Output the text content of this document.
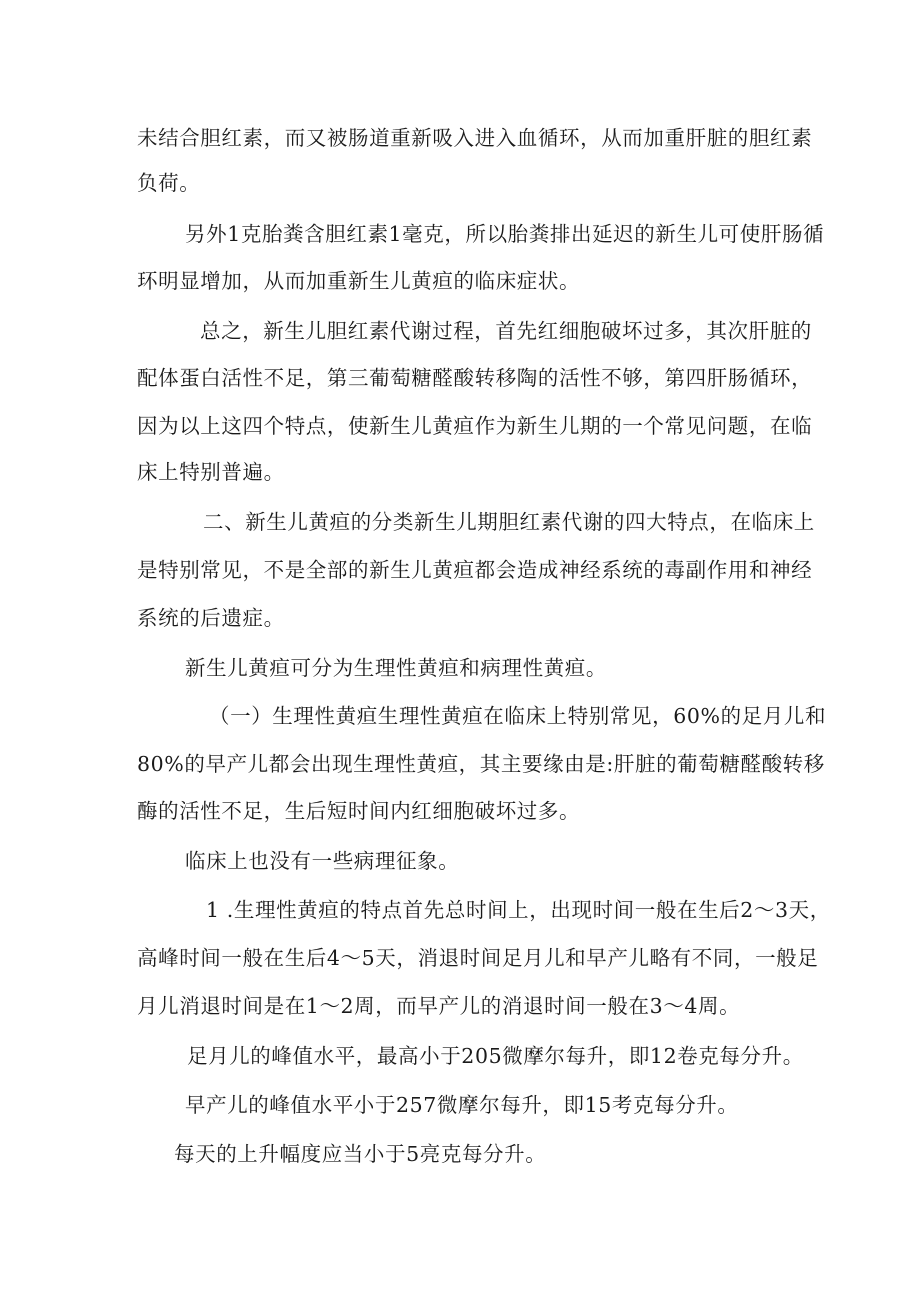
未结合胆红素，而又被肠道重新吸入进入血循环，从而加重肝脏的胆红素
负荷。
另外1克胎粪含胆红素1毫克，所以胎粪排出延迟的新生儿可使肝肠循
环明显增加，从而加重新生儿黄疸的临床症状。
总之，新生儿胆红素代谢过程，首先红细胞破坏过多，其次肝脏的
配体蛋白活性不足，第三葡萄糖醛酸转移陶的活性不够，第四肝肠循环，
因为以上这四个特点，使新生儿黄疸作为新生儿期的一个常见问题，在临
床上特别普遍。
二、新生儿黄疸的分类新生儿期胆红素代谢的四大特点，在临床上
是特别常见，不是全部的新生儿黄疸都会造成神经系统的毒副作用和神经
系统的后遗症。
新生儿黄疸可分为生理性黄疸和病理性黄疸。
（一）生理性黄疸生理性黄疸在临床上特别常见，60%的足月儿和
80%的早产儿都会出现生理性黄疸，其主要缘由是:肝脏的葡萄糖醛酸转移
酶的活性不足，生后短时间内红细胞破坏过多。
临床上也没有一些病理征象。
1 .生理性黄疸的特点首先总时间上，出现时间一般在生后2～3天，
高峰时间一般在生后4～5天，消退时间足月儿和早产儿略有不同，一般足
月儿消退时间是在1～2周，而早产儿的消退时间一般在3～4周。
足月儿的峰值水平，最高小于205微摩尔每升，即12卷克每分升。
早产儿的峰值水平小于257微摩尔每升，即15考克每分升。
每天的上升幅度应当小于5亮克每分升。
